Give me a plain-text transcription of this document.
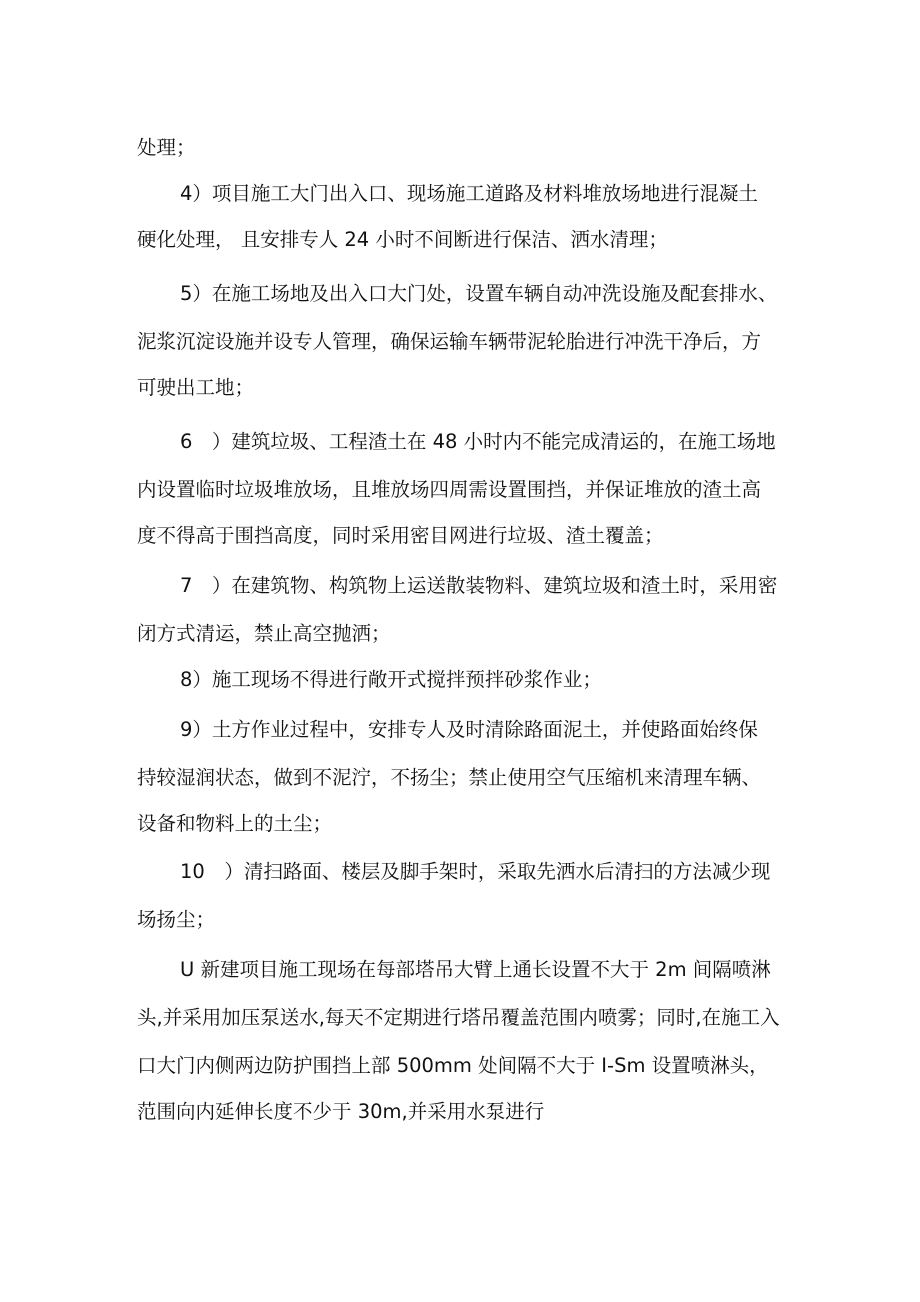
处理；
4）项目施工大门出入口、现场施工道路及材料堆放场地进行混凝土
硬化处理， 且安排专人 24 小时不间断进行保洁、洒水清理；
5）在施工场地及出入口大门处，设置车辆自动冲洗设施及配套排水、
泥浆沉淀设施并设专人管理，确保运输车辆带泥轮胎进行冲洗干净后，方
可驶出工地；
6　）建筑垃圾、工程渣土在 48 小时内不能完成清运的，在施工场地
内设置临时垃圾堆放场，且堆放场四周需设置围挡，并保证堆放的渣土高
度不得高于围挡高度，同时采用密目网进行垃圾、渣土覆盖；
7　）在建筑物、构筑物上运送散装物料、建筑垃圾和渣土时，采用密
闭方式清运，禁止高空抛洒；
8）施工现场不得进行敞开式搅拌预拌砂浆作业；
9）土方作业过程中，安排专人及时清除路面泥土，并使路面始终保
持较湿润状态，做到不泥泞，不扬尘；禁止使用空气压缩机来清理车辆、
设备和物料上的土尘；
10　）清扫路面、楼层及脚手架时，采取先洒水后清扫的方法减少现
场扬尘；
U 新建项目施工现场在每部塔吊大臂上通长设置不大于 2m 间隔喷淋
头,并采用加压泵送水,每天不定期进行塔吊覆盖范围内喷雾；同时,在施工入
口大门内侧两边防护围挡上部 500mm 处间隔不大于 I-Sm 设置喷淋头，
范围向内延伸长度不少于 30m,并采用水泵进行
